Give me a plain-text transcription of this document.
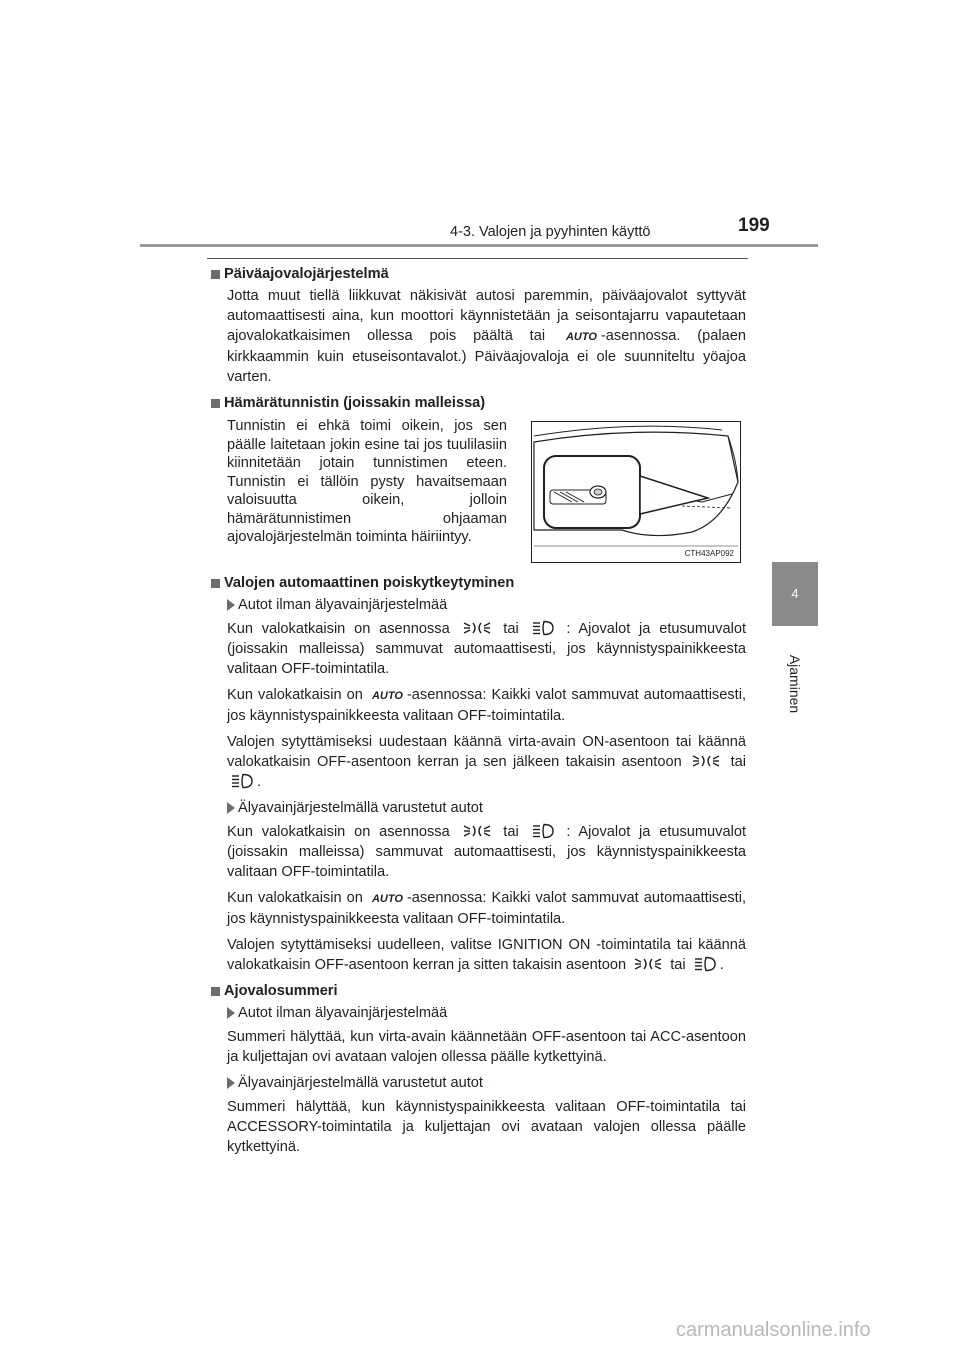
4-3. Valojen ja pyyhinten käyttö	199
4
Ajaminen
Päiväajovalojärjestelmä

Jotta muut tiellä liikkuvat näkisivät autosi paremmin, päiväajovalot syttyvät automaattisesti aina, kun moottori käynnistetään ja seisontajarru vapautetaan ajovalokatkaisimen ollessa pois päältä tai AUTO -asennossa. (palaen kirkkaammin kuin etuseisontavalot.) Päiväajovaloja ei ole suunniteltu yöajoa varten.

Hämärätunnistin (joissakin malleissa)

Tunnistin ei ehkä toimi oikein, jos sen päälle laitetaan jokin esine tai jos tuulilasiin kiinnitetään jotain tunnistimen eteen. Tunnistin ei tällöin pysty havaitsemaan valoisuutta oikein, jolloin hämärätunnistimen ohjaaman ajovalojärjestelmän toiminta häiriintyy.

CTH43AP092
Valojen automaattinen poiskytkeytyminen
Autot ilman älyavainjärjestelmää

Kun valokatkaisin on asennossa	tai	: Ajovalot ja etusumuvalot (joissakin malleissa) sammuvat automaattisesti, jos käynnistyspainikkeesta valitaan OFF-toimintatila.

Kun valokatkaisin on AUTO -asennossa: Kaikki valot sammuvat automaattisesti, jos käynnistyspainikkeesta valitaan OFF-toimintatila.

Valojen sytyttämiseksi uudestaan käännä virta-avain ON-asentoon tai käännä valokatkaisin OFF-asentoon kerran ja sen jälkeen takaisin asentoon	tai .

Älyavainjärjestelmällä varustetut autot

Kun valokatkaisin on asennossa	tai	: Ajovalot ja etusumuvalot (joissakin malleissa) sammuvat automaattisesti, jos käynnistyspainikkeesta valitaan OFF-toimintatila.

Kun valokatkaisin on AUTO -asennossa: Kaikki valot sammuvat automaattisesti, jos käynnistyspainikkeesta valitaan OFF-toimintatila.

Valojen sytyttämiseksi uudelleen, valitse IGNITION ON -toimintatila tai käännä valokatkaisin OFF-asentoon kerran ja sitten takaisin asentoon	tai .

Ajovalosummeri
Autot ilman älyavainjärjestelmää

Summeri hälyttää, kun virta-avain käännetään OFF-asentoon tai ACC-asentoon ja kuljettajan ovi avataan valojen ollessa päälle kytkettyinä.

Älyavainjärjestelmällä varustetut autot

Summeri hälyttää, kun käynnistyspainikkeesta valitaan OFF-toimintatila tai ACCESSORY-toimintatila ja kuljettajan ovi avataan valojen ollessa päälle kytkettyinä.

carmanualsonline.info
